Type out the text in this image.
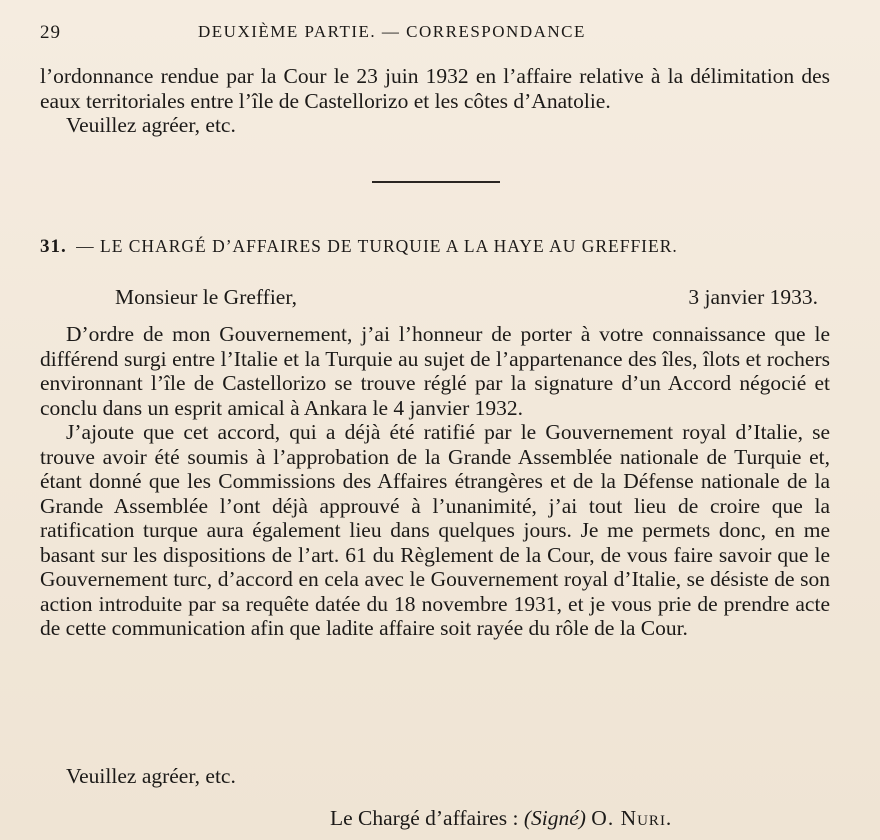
29	DEUXIÈME PARTIE. — CORRESPONDANCE

l’ordonnance rendue par la Cour le 23 juin 1932 en l’affaire relative à la délimitation des eaux territoriales entre l’île de Castellorizo et les côtes d’Anatolie.

Veuillez agréer, etc.

31. — LE CHARGÉ D’AFFAIRES DE TURQUIE A LA HAYE AU GREFFIER.
Monsieur le Greffier,	3 janvier 1933.

D’ordre de mon Gouvernement, j’ai l’honneur de porter à votre connaissance que le différend surgi entre l’Italie et la Turquie au sujet de l’appartenance des îles, îlots et rochers environnant l’île de Castellorizo se trouve réglé par la signature d’un Accord négocié et conclu dans un esprit amical à Ankara le 4 janvier 1932.

J’ajoute que cet accord, qui a déjà été ratifié par le Gouvernement royal d’Italie, se trouve avoir été soumis à l’approbation de la Grande Assemblée nationale de Turquie et, étant donné que les Commissions des Affaires étrangères et de la Défense nationale de la Grande Assemblée l’ont déjà approuvé à l’unanimité, j’ai tout lieu de croire que la ratification turque aura également lieu dans quelques jours. Je me permets donc, en me basant sur les dispositions de l’art. 61 du Règlement de la Cour, de vous faire savoir que le Gouvernement turc, d’accord en cela avec le Gouvernement royal d’Italie, se désiste de son action introduite par sa requête datée du 18 novembre 1931, et je vous prie de prendre acte de cette communication afin que ladite affaire soit rayée du rôle de la Cour.

Veuillez agréer, etc.
Le Chargé d’affaires : (Signé) O. Nuri.
